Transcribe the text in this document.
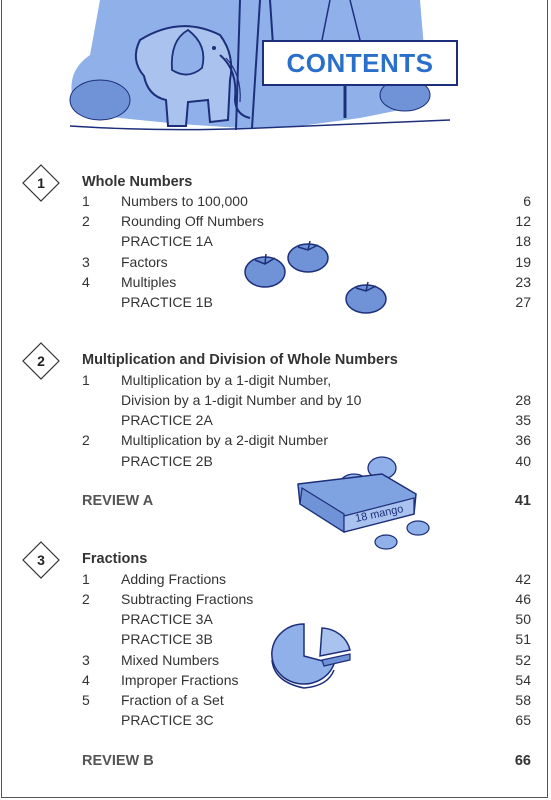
CONTENTS
1	Whole Numbers
1 Numbers to 100,000	6
2 Rounding Off Numbers	12
PRACTICE 1A	18
3 Factors	19
4 Multiples	23
PRACTICE 1B	27
2	Multiplication and Division of Whole Numbers
1 Multiplication by a 1-digit Number,
Division by a 1-digit Number and by 10	28
PRACTICE 2A	35
2 Multiplication by a 2-digit Number	36
PRACTICE 2B	40
REVIEW A	41
18 mango
3	Fractions
1 Adding Fractions	42
2 Subtracting Fractions	46
PRACTICE 3A	50
PRACTICE 3B	51
3 Mixed Numbers	52
4 Improper Fractions	54
5 Fraction of a Set	58
PRACTICE 3C	65
REVIEW B	66
